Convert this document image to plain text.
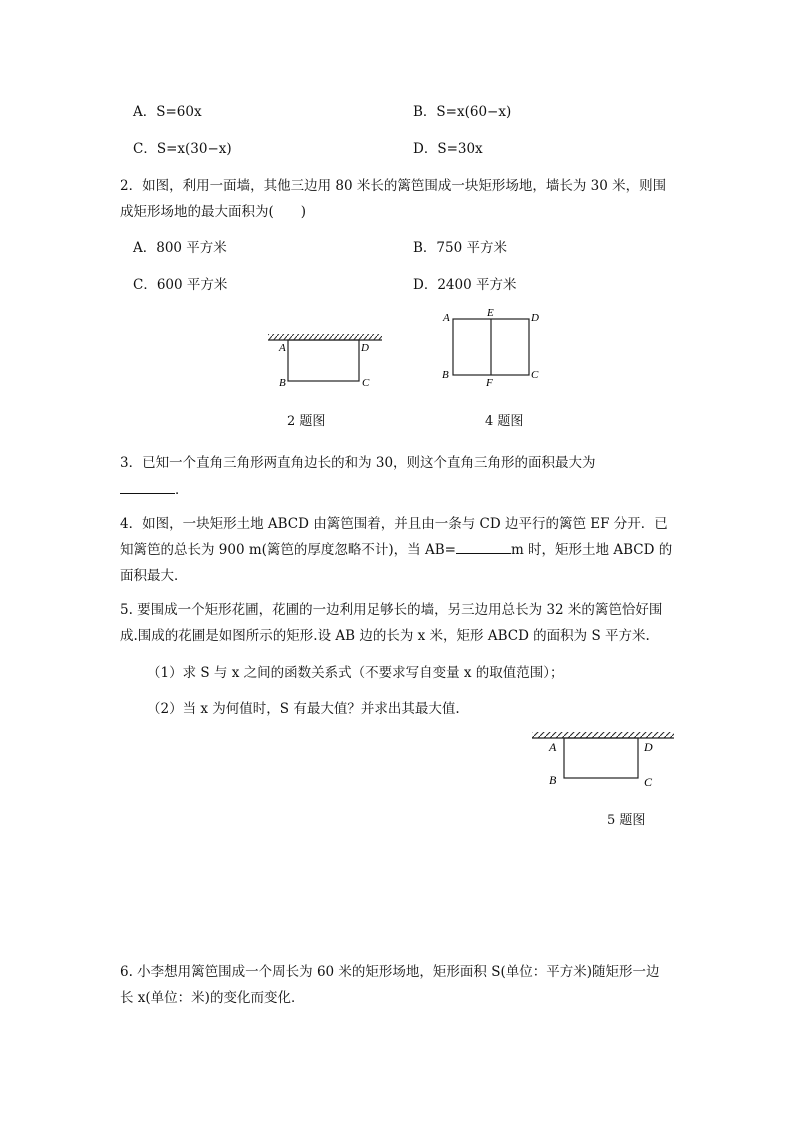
A．S=60x	B．S=x(60−x)
C．S=x(30−x)	D．S=30x
2．如图，利用一面墙，其他三边用 80 米长的篱笆围成一块矩形场地，墙长为 30 米，则围
成矩形场地的最大面积为(　　)
A．800 平方米	B．750 平方米
C．600 平方米	D．2400 平方米
A	D
B	C
2 题图
A	E	D
B
F
C
4 题图
3．已知一个直角三角形两直角边长的和为 30，则这个直角三角形的面积最大为
．
4．如图，一块矩形土地 ABCD 由篱笆围着，并且由一条与 CD 边平行的篱笆 EF 分开．已
知篱笆的总长为 900 m(篱笆的厚度忽略不计)，当 AB=	m 时，矩形土地 ABCD 的
面积最大．
5. 要围成一个矩形花圃，花圃的一边利用足够长的墙，另三边用总长为 32 米的篱笆恰好围
成.围成的花圃是如图所示的矩形.设 AB 边的长为 x 米，矩形 ABCD 的面积为 S 平方米.
（1）求 S 与 x 之间的函数关系式（不要求写自变量 x 的取值范围）；
（2）当 x 为何值时，S 有最大值？并求出其最大值.
A	D
B	C
5 题图
6. 小李想用篱笆围成一个周长为 60 米的矩形场地，矩形面积 S(单位：平方米)随矩形一边
长 x(单位：米)的变化而变化．
